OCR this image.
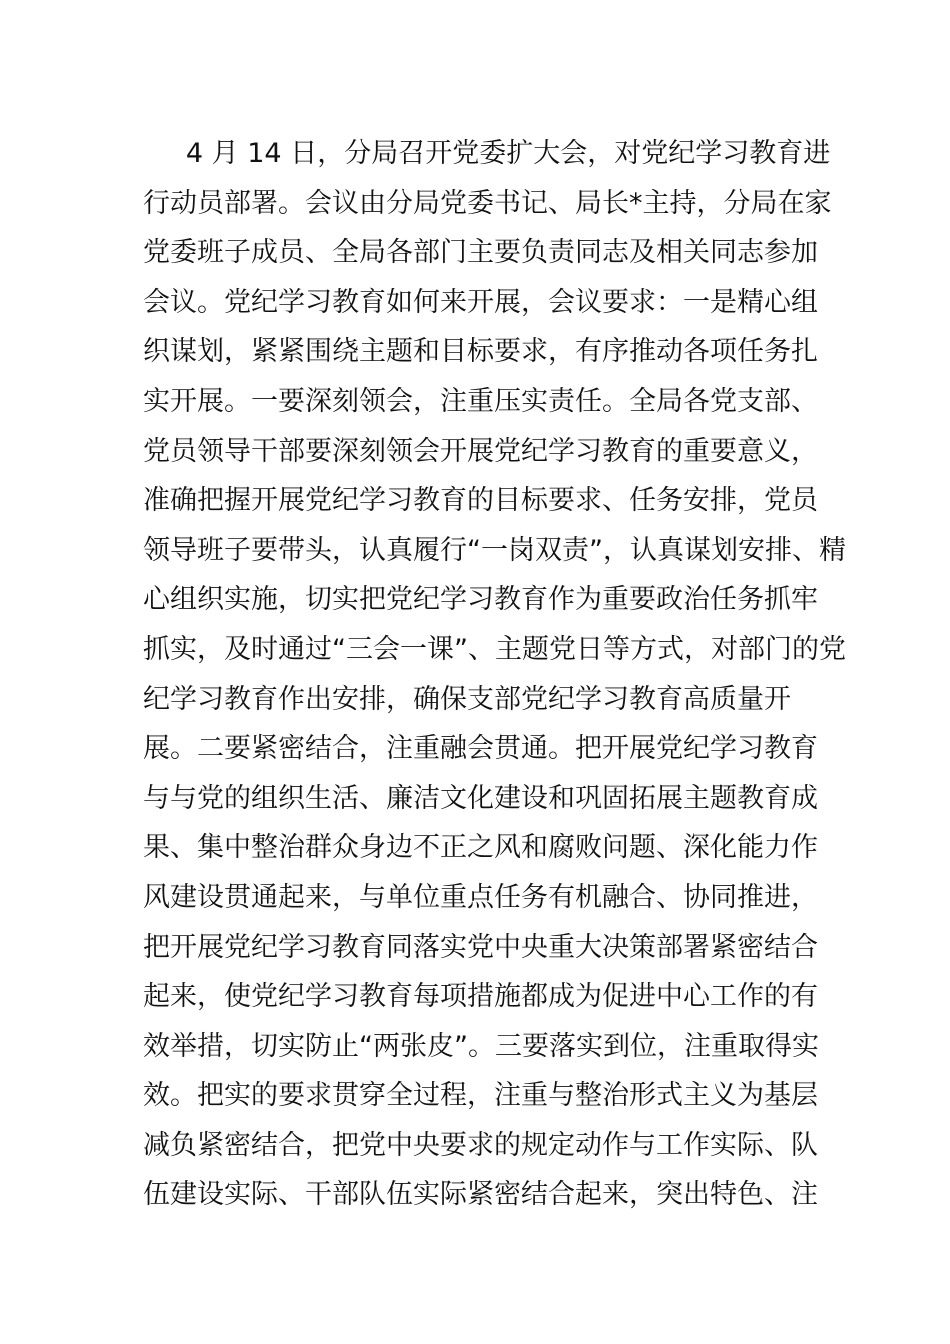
4 月 14 日，分局召开党委扩大会，对党纪学习教育进
行动员部署。会议由分局党委书记、局长*主持，分局在家
党委班子成员、全局各部门主要负责同志及相关同志参加
会议。党纪学习教育如何来开展，会议要求：一是精心组
织谋划，紧紧围绕主题和目标要求，有序推动各项任务扎
实开展。一要深刻领会，注重压实责任。全局各党支部、
党员领导干部要深刻领会开展党纪学习教育的重要意义，
准确把握开展党纪学习教育的目标要求、任务安排，党员
领导班子要带头，认真履行“一岗双责”，认真谋划安排、精
心组织实施，切实把党纪学习教育作为重要政治任务抓牢
抓实，及时通过“三会一课”、主题党日等方式，对部门的党
纪学习教育作出安排，确保支部党纪学习教育高质量开
展。二要紧密结合，注重融会贯通。把开展党纪学习教育
与与党的组织生活、廉洁文化建设和巩固拓展主题教育成
果、集中整治群众身边不正之风和腐败问题、深化能力作
风建设贯通起来，与单位重点任务有机融合、协同推进，
把开展党纪学习教育同落实党中央重大决策部署紧密结合
起来，使党纪学习教育每项措施都成为促进中心工作的有
效举措，切实防止“两张皮”。三要落实到位，注重取得实
效。把实的要求贯穿全过程，注重与整治形式主义为基层
减负紧密结合，把党中央要求的规定动作与工作实际、队
伍建设实际、干部队伍实际紧密结合起来，突出特色、注
